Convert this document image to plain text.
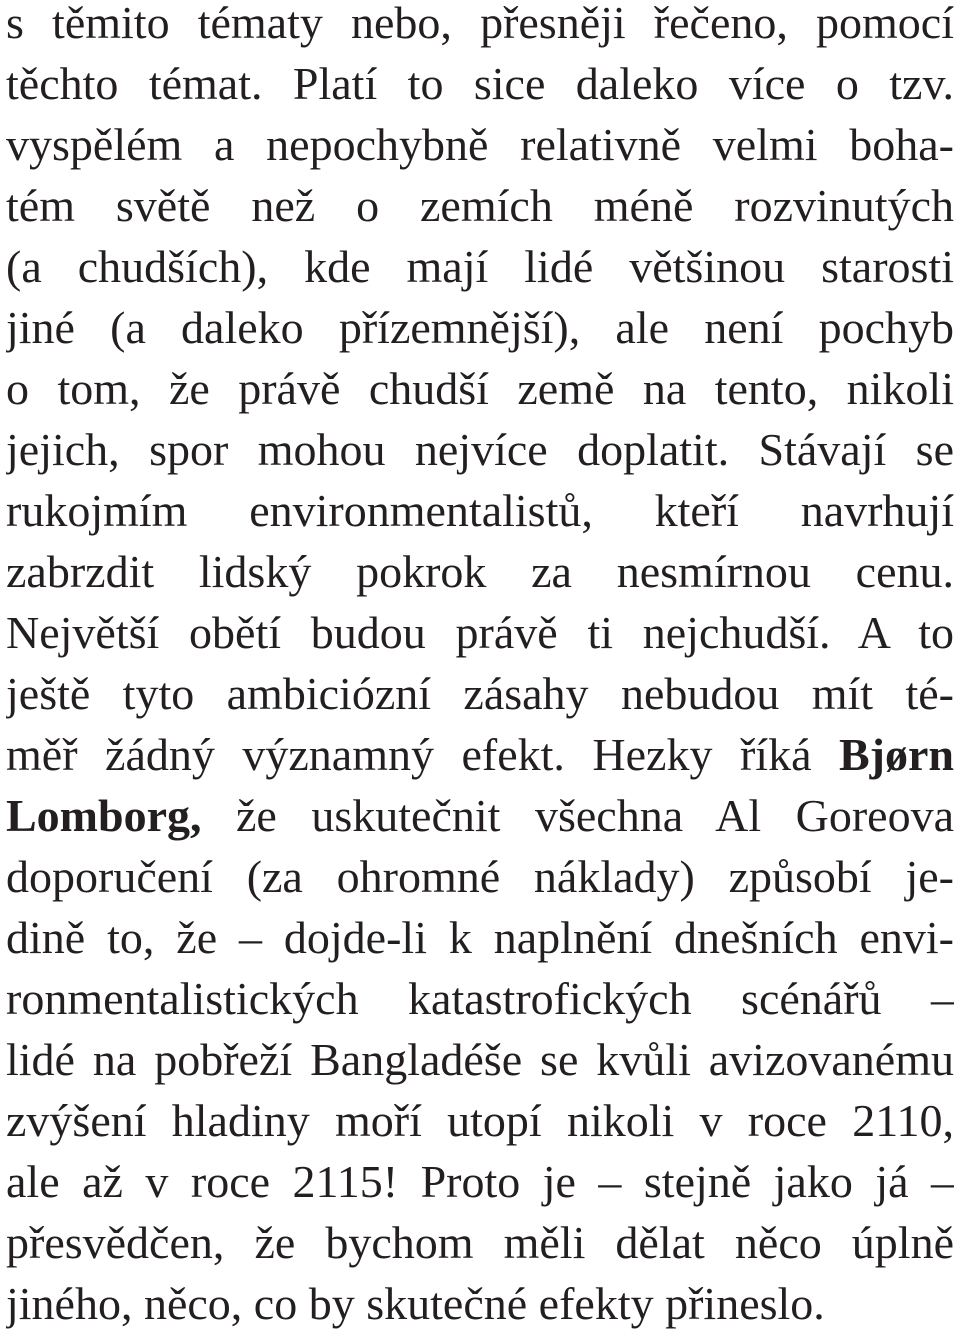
s těmito tématy nebo, přesněji řečeno, pomocí
těchto témat. Platí to sice daleko více o tzv.
vyspělém a nepochybně relativně velmi boha-
tém světě než o zemích méně rozvinutých
(a chudších), kde mají lidé většinou starosti
jiné (a daleko přízemnější), ale není pochyb
o tom, že právě chudší země na tento, nikoli
jejich, spor mohou nejvíce doplatit. Stávají se
rukojmím environmentalistů, kteří navrhují
zabrzdit lidský pokrok za nesmírnou cenu.
Největší obětí budou právě ti nejchudší. A to
ještě tyto ambiciózní zásahy nebudou mít té-
měř žádný významný efekt. Hezky říká Bjørn
Lomborg, že uskutečnit všechna Al Goreova
doporučení (za ohromné náklady) způsobí je-
dině to, že – dojde-li k naplnění dnešních envi-
ronmentalistických katastrofických scénářů –
lidé na pobřeží Bangladéše se kvůli avizovanému
zvýšení hladiny moří utopí nikoli v roce 2110,
ale až v roce 2115! Proto je – stejně jako já –
přesvědčen, že bychom měli dělat něco úplně
jiného, něco, co by skutečné efekty přineslo.
